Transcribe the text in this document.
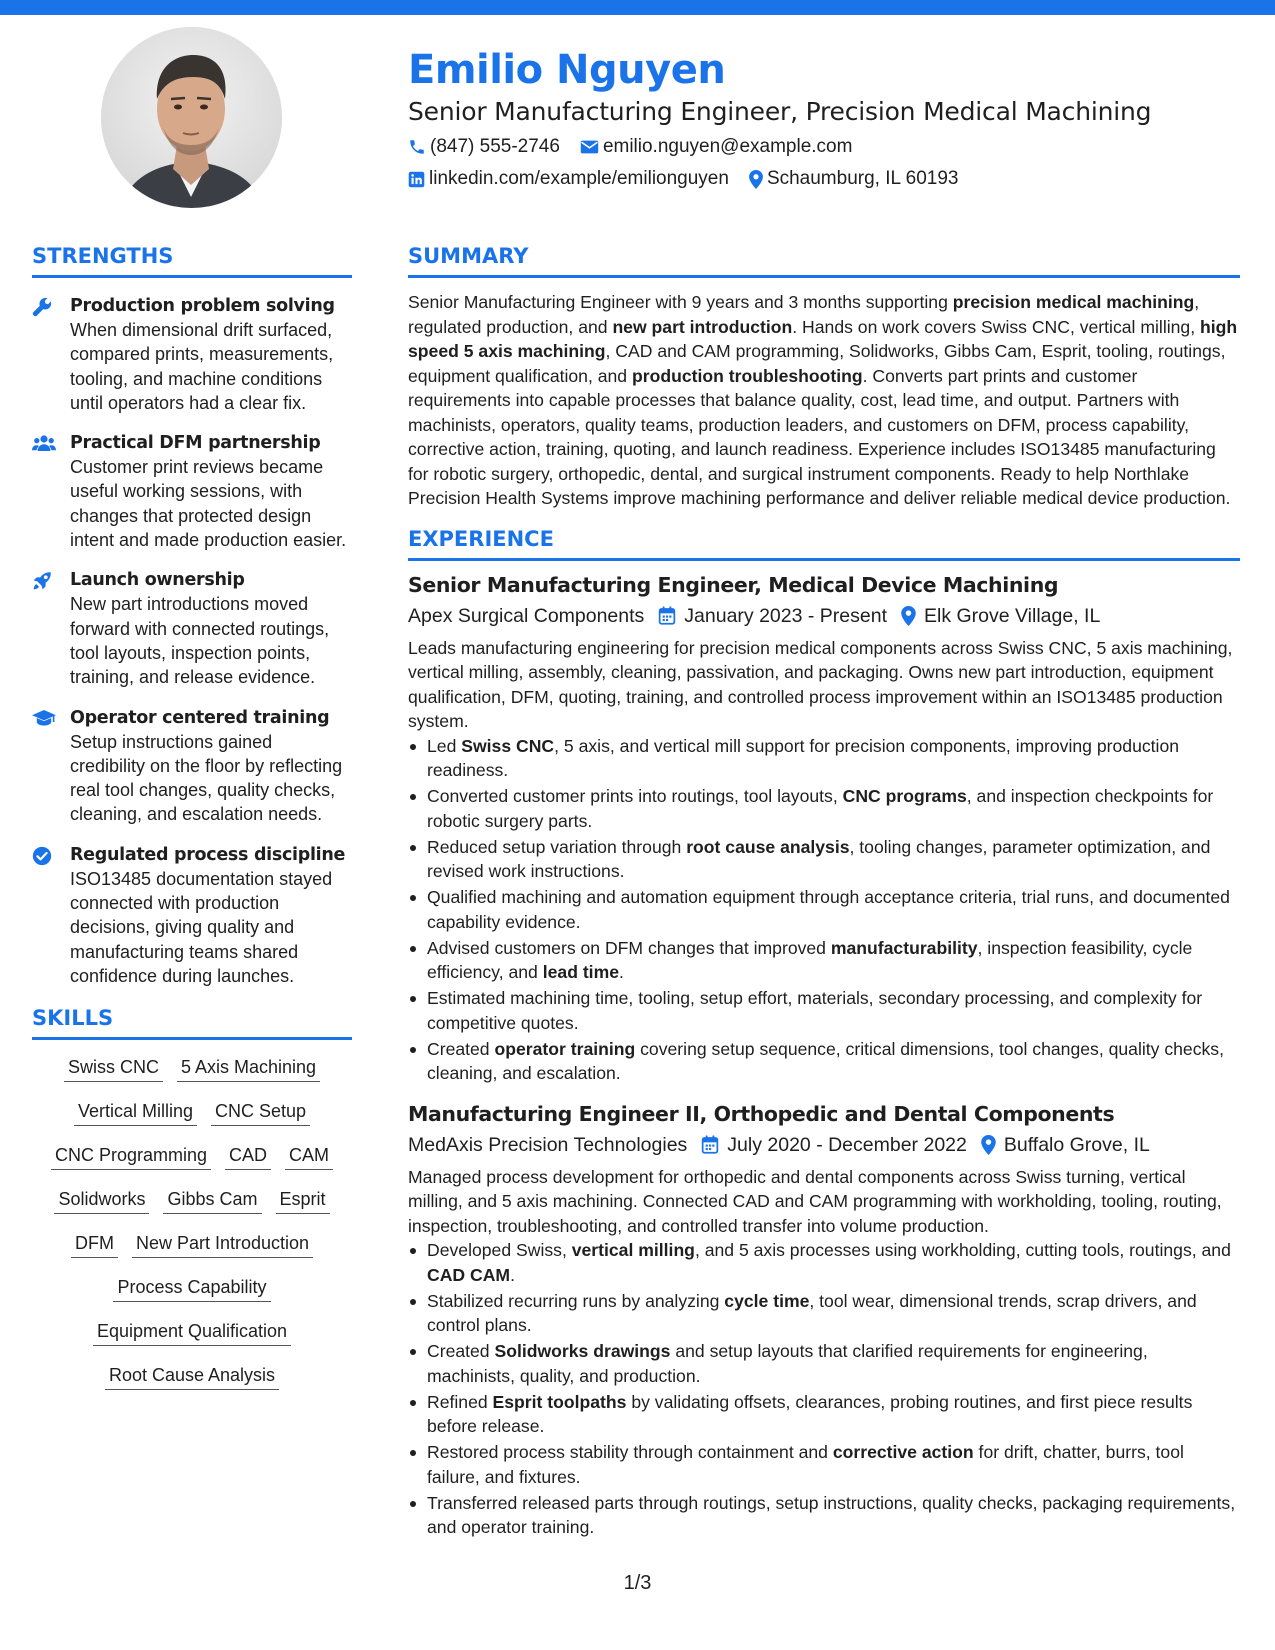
Emilio Nguyen
Senior Manufacturing Engineer, Precision Medical Machining
(847) 555-2746 emilio.nguyen@example.com
linkedin.com/example/emilionguyen Schaumburg, IL 60193
STRENGTHS
Production problem solving
When dimensional drift surfaced, compared prints, measurements, tooling, and machine conditions until operators had a clear fix.
Practical DFM partnership
Customer print reviews became useful working sessions, with changes that protected design intent and made production easier.
Launch ownership
New part introductions moved forward with connected routings, tool layouts, inspection points, training, and release evidence.
Operator centered training
Setup instructions gained credibility on the floor by reflecting real tool changes, quality checks, cleaning, and escalation needs.
Regulated process discipline
ISO13485 documentation stayed connected with production decisions, giving quality and manufacturing teams shared confidence during launches.
SKILLS
Swiss CNC 5 Axis Machining
Vertical Milling CNC Setup
CNC Programming CAD CAM
Solidworks Gibbs Cam Esprit
DFM New Part Introduction
Process Capability
Equipment Qualification
Root Cause Analysis
SUMMARY
Senior Manufacturing Engineer with 9 years and 3 months supporting precision medical machining, regulated production, and new part introduction. Hands on work covers Swiss CNC, vertical milling, high speed 5 axis machining, CAD and CAM programming, Solidworks, Gibbs Cam, Esprit, tooling, routings, equipment qualification, and production troubleshooting. Converts part prints and customer requirements into capable processes that balance quality, cost, lead time, and output. Partners with machinists, operators, quality teams, production leaders, and customers on DFM, process capability, corrective action, training, quoting, and launch readiness. Experience includes ISO13485 manufacturing for robotic surgery, orthopedic, dental, and surgical instrument components. Ready to help Northlake Precision Health Systems improve machining performance and deliver reliable medical device production.
EXPERIENCE
Senior Manufacturing Engineer, Medical Device Machining
Apex Surgical Components January 2023 - Present Elk Grove Village, IL
Leads manufacturing engineering for precision medical components across Swiss CNC, 5 axis machining, vertical milling, assembly, cleaning, passivation, and packaging. Owns new part introduction, equipment qualification, DFM, quoting, training, and controlled process improvement within an ISO13485 production system.
Led Swiss CNC, 5 axis, and vertical mill support for precision components, improving production readiness.
Converted customer prints into routings, tool layouts, CNC programs, and inspection checkpoints for robotic surgery parts.
Reduced setup variation through root cause analysis, tooling changes, parameter optimization, and revised work instructions.
Qualified machining and automation equipment through acceptance criteria, trial runs, and documented capability evidence.
Advised customers on DFM changes that improved manufacturability, inspection feasibility, cycle efficiency, and lead time.
Estimated machining time, tooling, setup effort, materials, secondary processing, and complexity for competitive quotes.
Created operator training covering setup sequence, critical dimensions, tool changes, quality checks, cleaning, and escalation.
Manufacturing Engineer II, Orthopedic and Dental Components
MedAxis Precision Technologies July 2020 - December 2022 Buffalo Grove, IL
Managed process development for orthopedic and dental components across Swiss turning, vertical milling, and 5 axis machining. Connected CAD and CAM programming with workholding, tooling, routing, inspection, troubleshooting, and controlled transfer into volume production.
Developed Swiss, vertical milling, and 5 axis processes using workholding, cutting tools, routings, and CAD CAM.
Stabilized recurring runs by analyzing cycle time, tool wear, dimensional trends, scrap drivers, and control plans.
Created Solidworks drawings and setup layouts that clarified requirements for engineering, machinists, quality, and production.
Refined Esprit toolpaths by validating offsets, clearances, probing routines, and first piece results before release.
Restored process stability through containment and corrective action for drift, chatter, burrs, tool failure, and fixtures.
Transferred released parts through routings, setup instructions, quality checks, packaging requirements, and operator training.
1/3
